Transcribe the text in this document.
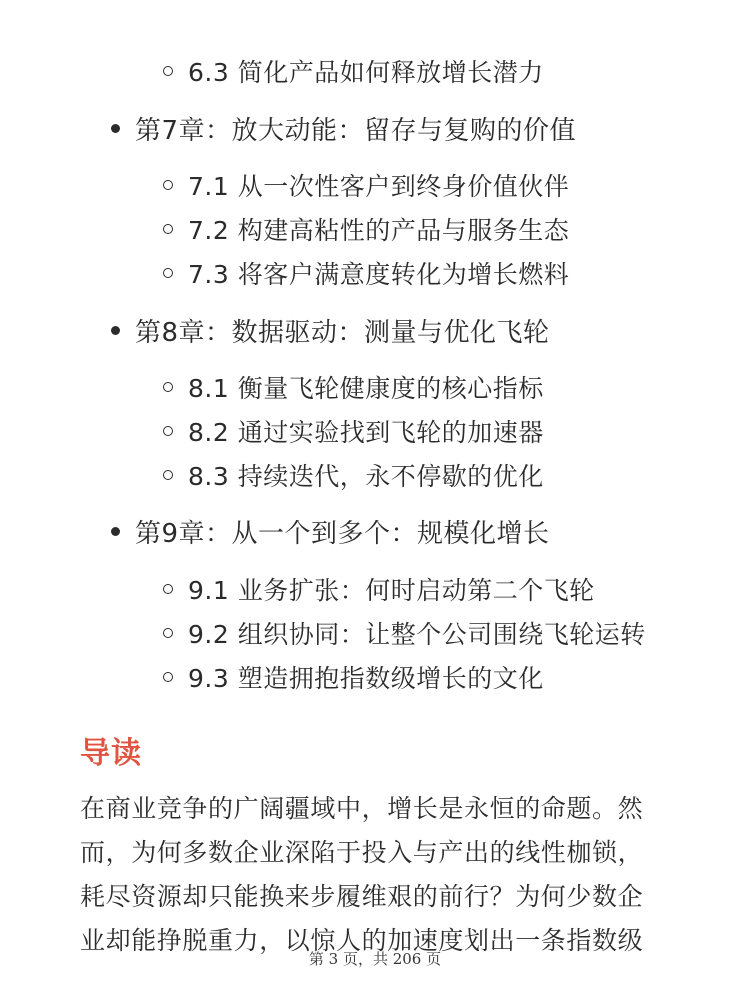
6.3 简化产品如何释放增长潜力
第7章：放大动能：留存与复购的价值
7.1 从一次性客户到终身价值伙伴
7.2 构建高粘性的产品与服务生态
7.3 将客户满意度转化为增长燃料
第8章：数据驱动：测量与优化飞轮
8.1 衡量飞轮健康度的核心指标
8.2 通过实验找到飞轮的加速器
8.3 持续迭代，永不停歇的优化
第9章：从一个到多个：规模化增长
9.1 业务扩张：何时启动第二个飞轮
9.2 组织协同：让整个公司围绕飞轮运转
9.3 塑造拥抱指数级增长的文化
导读
在商业竞争的广阔疆域中，增长是永恒的命题。然
而，为何多数企业深陷于投入与产出的线性枷锁，
耗尽资源却只能换来步履维艰的前行？为何少数企
业却能挣脱重力，以惊人的加速度划出一条指数级
第 3 页，共 206 页
